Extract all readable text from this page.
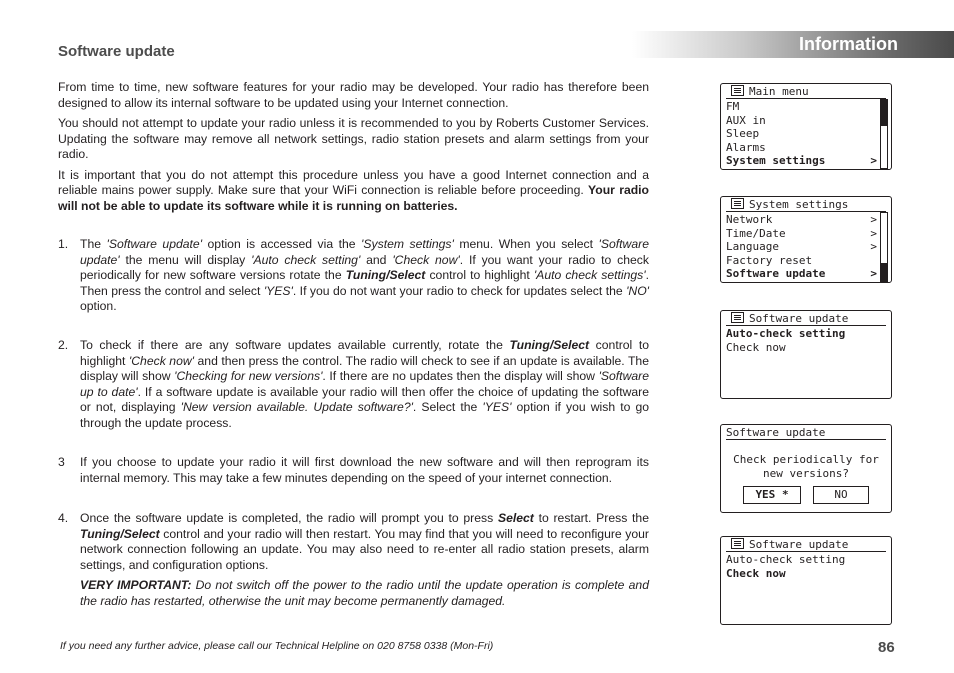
Information
Software update

From time to time, new software features for your radio may be developed. Your radio has therefore been designed to allow its internal software to be updated using your Internet connection.

You should not attempt to update your radio unless it is recommended to you by Roberts Customer Services. Updating the software may remove all network settings, radio station presets and alarm settings from your radio.

It is important that you do not attempt this procedure unless you have a good Internet connection and a reliable mains power supply. Make sure that your WiFi connection is reliable before proceeding. Your radio will not be able to update its software while it is running on batteries.

1. The 'Software update' option is accessed via the 'System settings' menu. When you select 'Software update' the menu will display 'Auto check setting' and 'Check now'. If you want your radio to check periodically for new software versions rotate the Tuning/Select control to highlight 'Auto check settings'. Then press the control and select 'YES'. If you do not want your radio to check for updates select the 'NO' option.

2. To check if there are any software updates available currently, rotate the Tuning/Select control to highlight 'Check now' and then press the control. The radio will check to see if an update is available. The display will show 'Checking for new versions'. If there are no updates then the display will show 'Software up to date'. If a software update is available your radio will then offer the choice of updating the software or not, displaying 'New version available. Update software?'. Select the 'YES' option if you wish to go through the update process.

3 If you choose to update your radio it will first download the new software and will then reprogram its internal memory. This may take a few minutes depending on the speed of your internet connection.

4. Once the software update is completed, the radio will prompt you to press Select to restart. Press the Tuning/Select control and your radio will then restart. You may find that you will need to reconfigure your network connection following an update. You may also need to re-enter all radio station presets, alarm settings, and configuration options.

VERY IMPORTANT: Do not switch off the power to the radio until the update operation is complete and the radio has restarted, otherwise the unit may become permanently damaged.

Main menu
FM
AUX in
Sleep
Alarms
System settings	>
System settings
Network	>
Time/Date	>
Language	>
Factory reset
Software update	>
Software update
Auto-check setting
Check now
Software update
Check periodically for
new versions?
YES *	NO
Software update
Auto-check setting
Check now
If you need any further advice, please call our Technical Helpline on 020 8758 0338 (Mon-Fri)	86
